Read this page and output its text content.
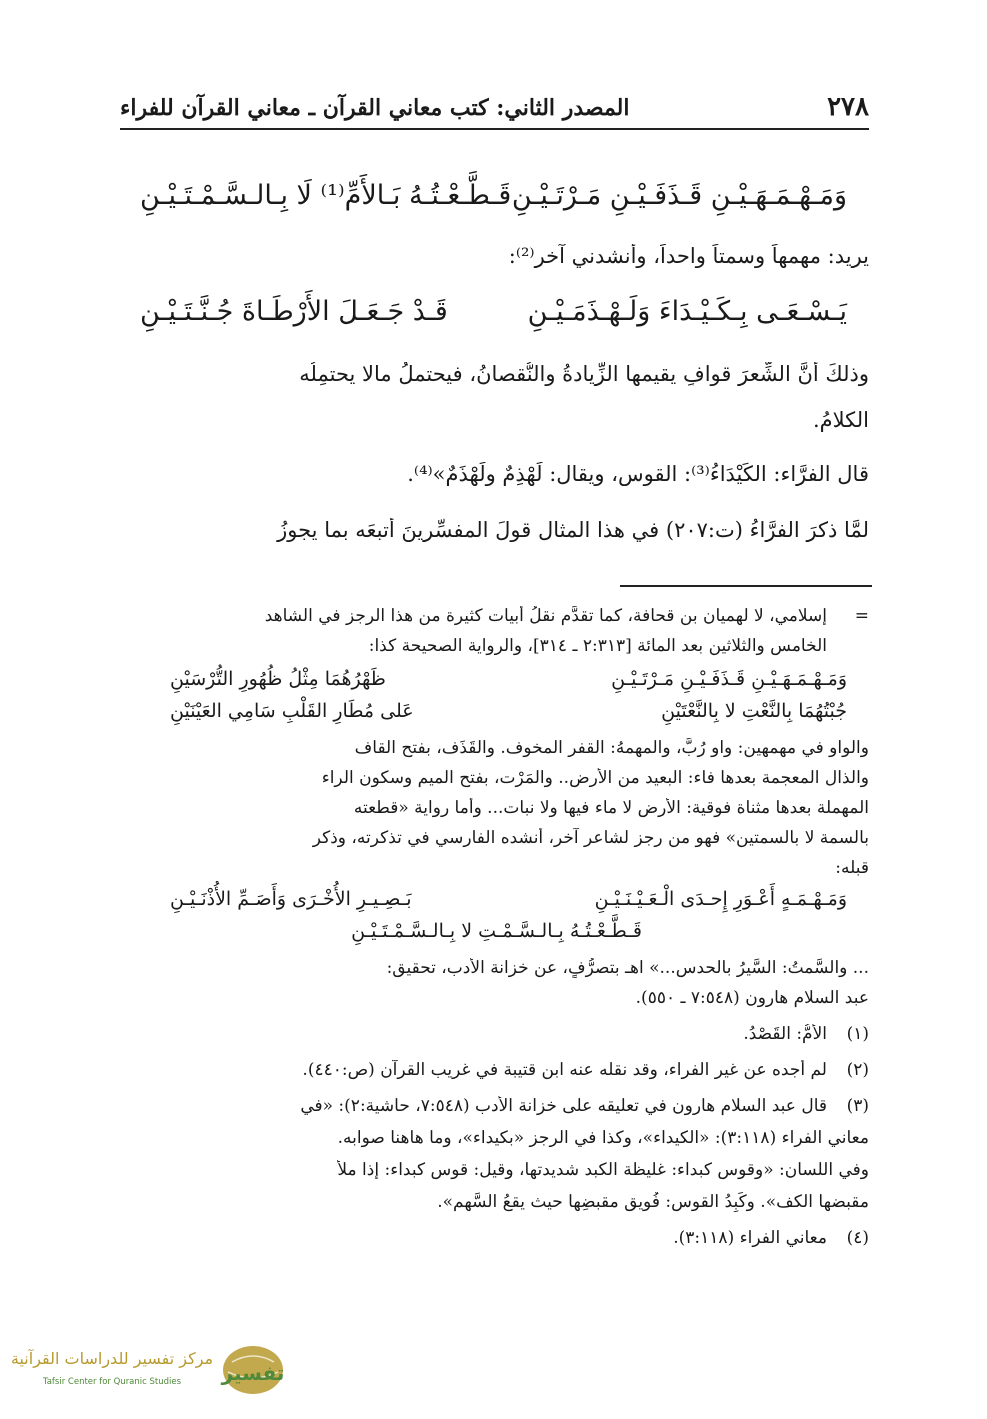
٢٧٨
المصدر الثاني: كتب معاني القرآن ـ معاني القرآن للفراء
وَمَـهْـمَـهَـيْـنِ قَـذَفَـيْـنِ مَـرْتَـيْـنِ
قَـطَّـعْـتُـهُ بَـالأَمِّ⁽¹⁾ لَا بِـالـسَّـمْـتَـيْـنِ
يريد: مهمهاً وسمتاً واحداً، وأنشدني آخر⁽²⁾:
يَـسْـعَـى بِـكَـيْـدَاءَ وَلَـهْـذَمَـيْـنِ
قَـدْ جَـعَـلَ الأَرْطَـاةَ جُـنَّـتَـيْـنِ
وذلكَ أنَّ الشِّعرَ قوافٍ يقيمها الزِّيادةُ والنُّقصانُ، فيحتملُ مالا يحتمِلُه
الكلامُ.
قال الفرَّاء: الكَيْدَاءُ⁽³⁾: القوس، ويقال: لَهْذِمٌ ولَهْذَمٌ»⁽⁴⁾.
لمَّا ذكرَ الفرَّاءُ (ت:٢٠٧) في هذا المثالِ قولَ المفسِّرينَ أتبعَه بما يجوزُ
=
إسلامي، لا لهميان بن قحافة، كما تقدَّم نقلُ أبيات كثيرة من هذا الرجز في الشاهد
الخامس والثلاثين بعد المائة [٢:٣١٣ ـ ٣١٤]، والرواية الصحيحة كذا:
وَمَـهْـمَـهَـيْـنِ قَـذَفَـيْـنِ مَـرْتَـيْـنِ
ظَهْرُهُمَا مِثْلُ ظُهُورِ التُّرْسَيْنِ
جُبْتُهُمَا بِالنَّعْتِ لا بِالنَّعْتَيْنِ
عَلى مُطَارِ القَلْبِ سَامِي العَيْنَيْنِ
والواو في مهمهين: واو رُبَّ، والمهمهُ: القفر المخوف. والقَذَف، بفتح القاف
والذال المعجمة بعدها فاء: البعيد من الأرض.. والمَرْت، بفتح الميم وسكون الراء
المهملة بعدها مثناة فوقية: الأرض لا ماء فيها ولا نبات... وأما رواية «قطعته
بالسمة لا بالسمتين» فهو من رجز لشاعر آخر، أنشده الفارسي في تذكرته، وذكر
قبله:
وَمَـهْـمَـهٍ أَعْـوَرِ إِحـدَى الْـعَـيْـنَـيْـنِ
بَـصِـيـرِ الأُخْـرَى وَأَصَـمِّ الأُذْنَـيْـنِ
قَـطَّـعْـتُـهُ بِـالـسَّـمْـتِ لا بِـالـسَّـمْـتَـيْـنِ
... والسَّمتُ: السَّيرُ بالحدس...» اهـ بتصرُّفٍ، عن خزانة الأدب، تحقيق:
عبد السلام هارون (٧:٥٤٨ ـ ٥٥٠).
(١)
الأَمُّ: القَصْدُ.
(٢)
لم أجده عن غير الفراء، وقد نقله عنه ابن قتيبة في غريب القرآن (ص:٤٤٠).
(٣)
قال عبد السلام هارون في تعليقه على خزانة الأدب (٧:٥٤٨، حاشية:٢): «في
معاني الفراء (٣:١١٨): «الكيداء»، وكذا في الرجز «بكيداء»، وما هاهنا صوابه.
وفي اللسان: «وقوس كبداء: غليظة الكبد شديدتها، وقيل: قوس كبداء: إذا ملأ
مقبضها الكف». وكَبِدُ القوس: فُويق مقبضِها حيث يقعُ السَّهم».
(٤)
معاني الفراء (٣:١١٨).
تفسير
مركز تفسير للدراسات القرآنية
Tafsir Center for Quranic Studies
